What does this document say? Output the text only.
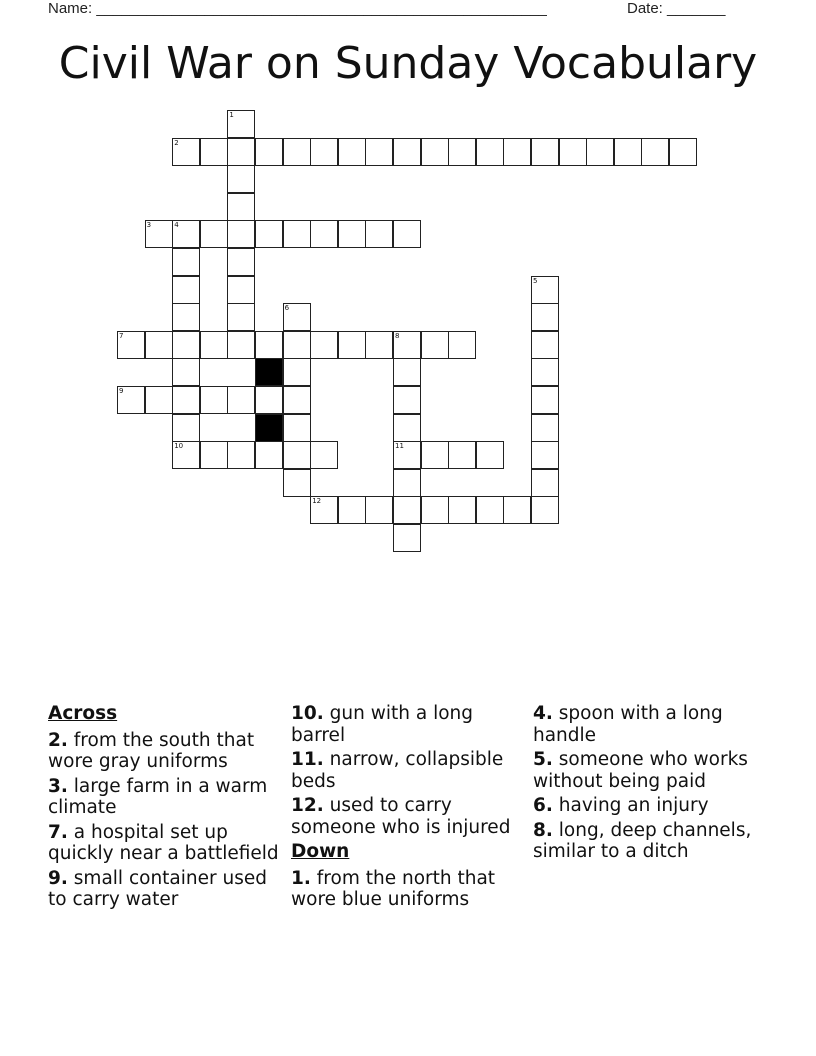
Name: ______________________________________________________	Date: _______
Civil War on Sunday Vocabulary
1
2
3	4
10
5
6
7	8
11
9
12

Across

2. from the south that wore gray uniforms

3. large farm in a warm climate

7. a hospital set up quickly near a battlefield

9. small container used to carry water

10. gun with a long barrel

11. narrow, collapsible beds

12. used to carry someone who is injured

Down

1. from the north that wore blue uniforms

4. spoon with a long handle

5. someone who works without being paid

6. having an injury

8. long, deep channels, similar to a ditch
